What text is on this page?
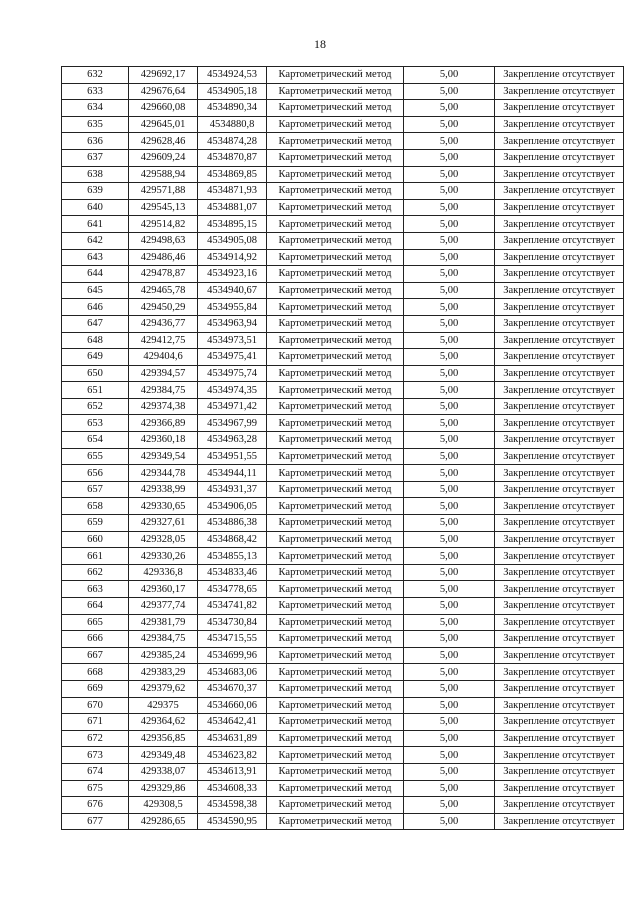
18
632	429692,17	4534924,53	Картометрический метод	5,00	Закрепление отсутствует
633	429676,64	4534905,18	Картометрический метод	5,00	Закрепление отсутствует
634	429660,08	4534890,34	Картометрический метод	5,00	Закрепление отсутствует
635	429645,01	4534880,8	Картометрический метод	5,00	Закрепление отсутствует
636	429628,46	4534874,28	Картометрический метод	5,00	Закрепление отсутствует
637	429609,24	4534870,87	Картометрический метод	5,00	Закрепление отсутствует
638	429588,94	4534869,85	Картометрический метод	5,00	Закрепление отсутствует
639	429571,88	4534871,93	Картометрический метод	5,00	Закрепление отсутствует
640	429545,13	4534881,07	Картометрический метод	5,00	Закрепление отсутствует
641	429514,82	4534895,15	Картометрический метод	5,00	Закрепление отсутствует
642	429498,63	4534905,08	Картометрический метод	5,00	Закрепление отсутствует
643	429486,46	4534914,92	Картометрический метод	5,00	Закрепление отсутствует
644	429478,87	4534923,16	Картометрический метод	5,00	Закрепление отсутствует
645	429465,78	4534940,67	Картометрический метод	5,00	Закрепление отсутствует
646	429450,29	4534955,84	Картометрический метод	5,00	Закрепление отсутствует
647	429436,77	4534963,94	Картометрический метод	5,00	Закрепление отсутствует
648	429412,75	4534973,51	Картометрический метод	5,00	Закрепление отсутствует
649	429404,6	4534975,41	Картометрический метод	5,00	Закрепление отсутствует
650	429394,57	4534975,74	Картометрический метод	5,00	Закрепление отсутствует
651	429384,75	4534974,35	Картометрический метод	5,00	Закрепление отсутствует
652	429374,38	4534971,42	Картометрический метод	5,00	Закрепление отсутствует
653	429366,89	4534967,99	Картометрический метод	5,00	Закрепление отсутствует
654	429360,18	4534963,28	Картометрический метод	5,00	Закрепление отсутствует
655	429349,54	4534951,55	Картометрический метод	5,00	Закрепление отсутствует
656	429344,78	4534944,11	Картометрический метод	5,00	Закрепление отсутствует
657	429338,99	4534931,37	Картометрический метод	5,00	Закрепление отсутствует
658	429330,65	4534906,05	Картометрический метод	5,00	Закрепление отсутствует
659	429327,61	4534886,38	Картометрический метод	5,00	Закрепление отсутствует
660	429328,05	4534868,42	Картометрический метод	5,00	Закрепление отсутствует
661	429330,26	4534855,13	Картометрический метод	5,00	Закрепление отсутствует
662	429336,8	4534833,46	Картометрический метод	5,00	Закрепление отсутствует
663	429360,17	4534778,65	Картометрический метод	5,00	Закрепление отсутствует
664	429377,74	4534741,82	Картометрический метод	5,00	Закрепление отсутствует
665	429381,79	4534730,84	Картометрический метод	5,00	Закрепление отсутствует
666	429384,75	4534715,55	Картометрический метод	5,00	Закрепление отсутствует
667	429385,24	4534699,96	Картометрический метод	5,00	Закрепление отсутствует
668	429383,29	4534683,06	Картометрический метод	5,00	Закрепление отсутствует
669	429379,62	4534670,37	Картометрический метод	5,00	Закрепление отсутствует
670	429375	4534660,06	Картометрический метод	5,00	Закрепление отсутствует
671	429364,62	4534642,41	Картометрический метод	5,00	Закрепление отсутствует
672	429356,85	4534631,89	Картометрический метод	5,00	Закрепление отсутствует
673	429349,48	4534623,82	Картометрический метод	5,00	Закрепление отсутствует
674	429338,07	4534613,91	Картометрический метод	5,00	Закрепление отсутствует
675	429329,86	4534608,33	Картометрический метод	5,00	Закрепление отсутствует
676	429308,5	4534598,38	Картометрический метод	5,00	Закрепление отсутствует
677	429286,65	4534590,95	Картометрический метод	5,00	Закрепление отсутствует
